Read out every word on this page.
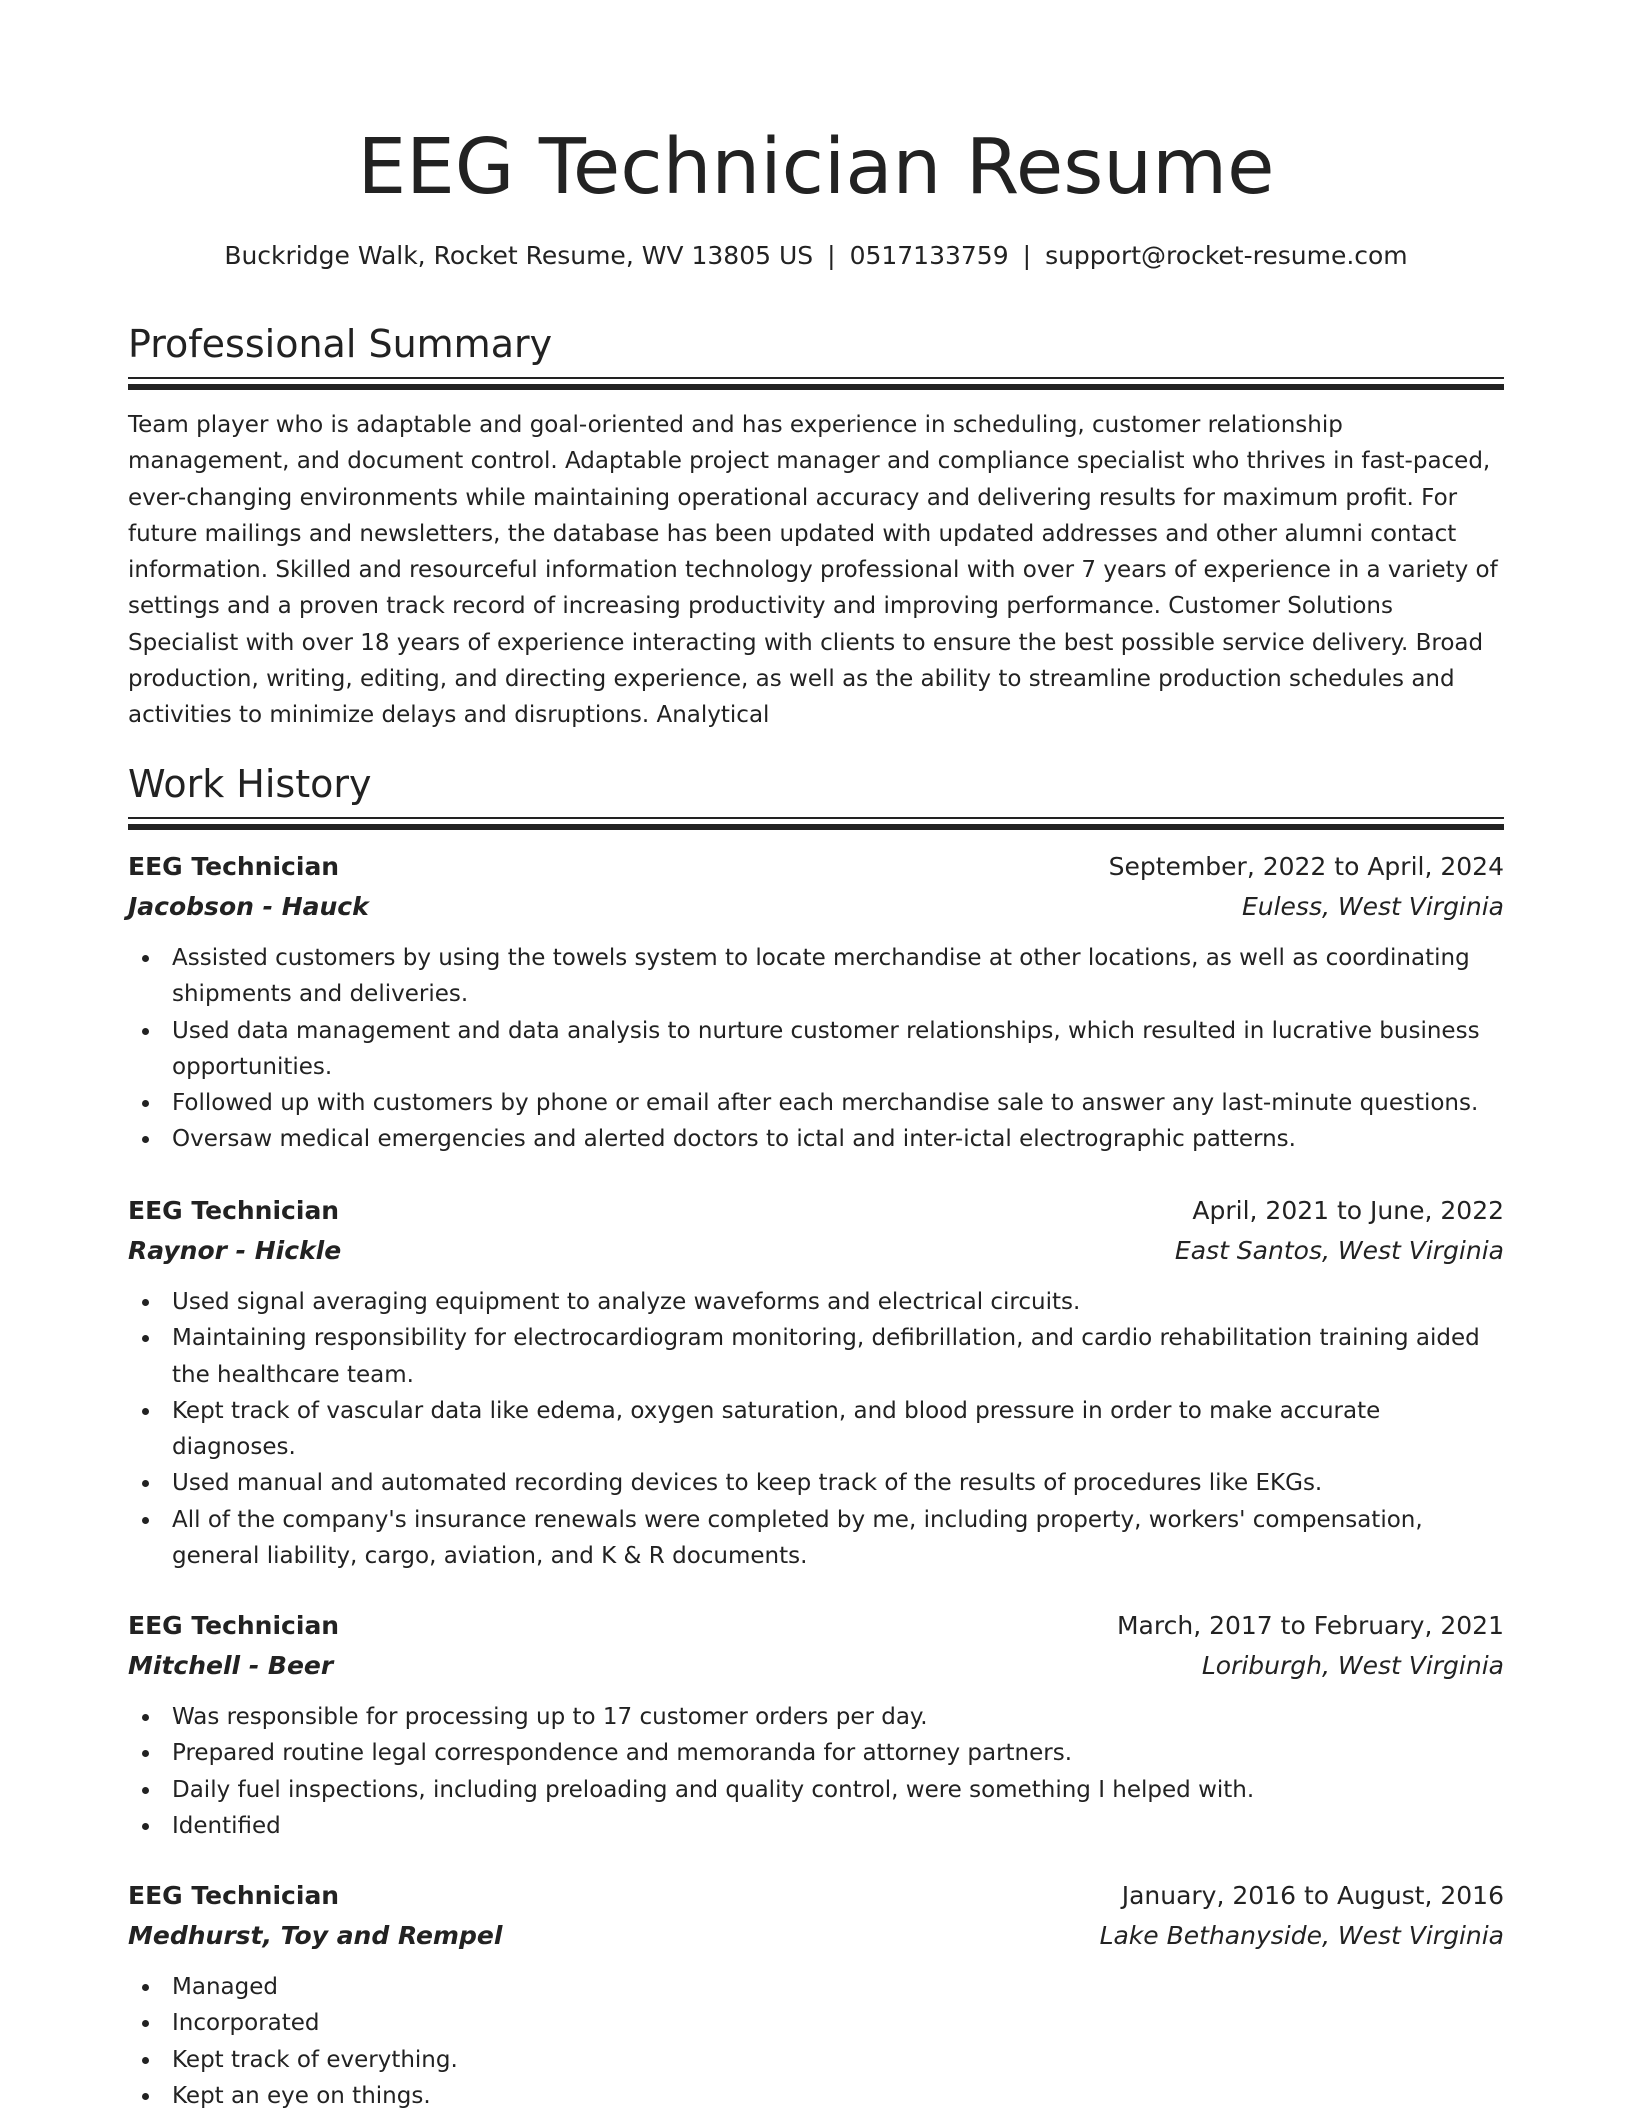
EEG Technician Resume
Buckridge Walk, Rocket Resume, WV 13805 US | 0517133759 | support@rocket-resume.com
Professional Summary

Team player who is adaptable and goal-oriented and has experience in scheduling, customer relationship management, and document control. Adaptable project manager and compliance specialist who thrives in fast-paced, ever-changing environments while maintaining operational accuracy and delivering results for maximum profit. For future mailings and newsletters, the database has been updated with updated addresses and other alumni contact information. Skilled and resourceful information technology professional with over 7 years of experience in a variety of settings and a proven track record of increasing productivity and improving performance. Customer Solutions Specialist with over 18 years of experience interacting with clients to ensure the best possible service delivery. Broad production, writing, editing, and directing experience, as well as the ability to streamline production schedules and activities to minimize delays and disruptions. Analytical

Work History
EEG Technician	September, 2022 to April, 2024
Jacobson - Hauck	Euless, West Virginia
Assisted customers by using the towels system to locate merchandise at other locations, as well as coordinating shipments and deliveries.
Used data management and data analysis to nurture customer relationships, which resulted in lucrative business opportunities.
Followed up with customers by phone or email after each merchandise sale to answer any last-minute questions.
Oversaw medical emergencies and alerted doctors to ictal and inter-ictal electrographic patterns.
EEG Technician	April, 2021 to June, 2022
Raynor - Hickle	East Santos, West Virginia
Used signal averaging equipment to analyze waveforms and electrical circuits.
Maintaining responsibility for electrocardiogram monitoring, defibrillation, and cardio rehabilitation training aided the healthcare team.
Kept track of vascular data like edema, oxygen saturation, and blood pressure in order to make accurate diagnoses.
Used manual and automated recording devices to keep track of the results of procedures like EKGs.
All of the company's insurance renewals were completed by me, including property, workers' compensation, general liability, cargo, aviation, and K & R documents.
EEG Technician	March, 2017 to February, 2021
Mitchell - Beer	Loriburgh, West Virginia
Was responsible for processing up to 17 customer orders per day.
Prepared routine legal correspondence and memoranda for attorney partners.
Daily fuel inspections, including preloading and quality control, were something I helped with.
Identified
EEG Technician	January, 2016 to August, 2016
Medhurst, Toy and Rempel	Lake Bethanyside, West Virginia
Managed
Incorporated
Kept track of everything.
Kept an eye on things.
